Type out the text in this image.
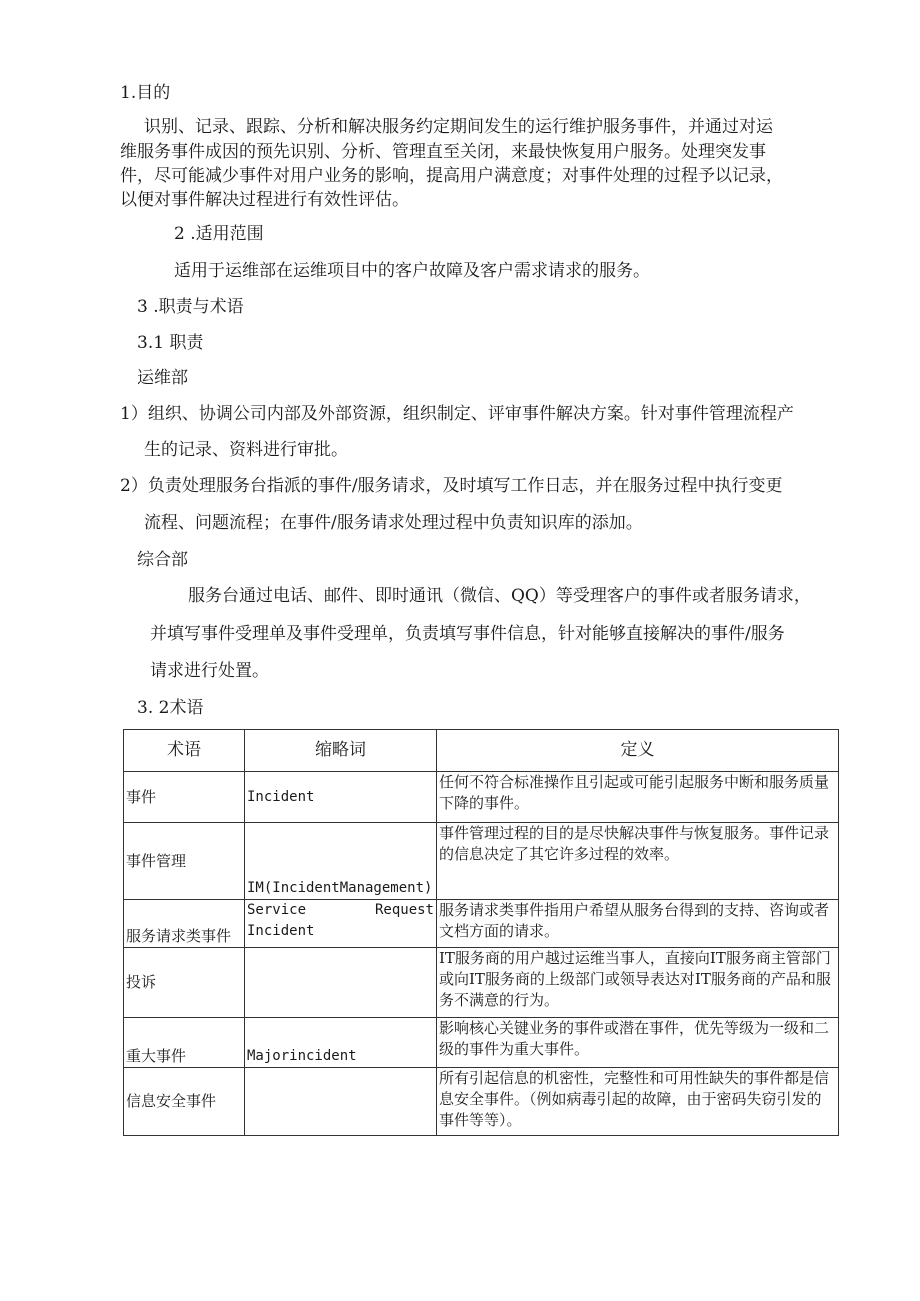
1.目的
识别、记录、跟踪、分析和解决服务约定期间发生的运行维护服务事件，并通过对运
维服务事件成因的预先识别、分析、管理直至关闭，来最快恢复用户服务。处理突发事
件，尽可能减少事件对用户业务的影响，提高用户满意度；对事件处理的过程予以记录，
以便对事件解决过程进行有效性评估。
2 .适用范围
适用于运维部在运维项目中的客户故障及客户需求请求的服务。
3 .职责与术语
3.1 职责
运维部
1）组织、协调公司内部及外部资源，组织制定、评审事件解决方案。针对事件管理流程产
生的记录、资料进行审批。
2）负责处理服务台指派的事件/服务请求，及时填写工作日志，并在服务过程中执行变更
流程、问题流程；在事件/服务请求处理过程中负责知识库的添加。
综合部
服务台通过电话、邮件、即时通讯（微信、QQ）等受理客户的事件或者服务请求，
并填写事件受理单及事件受理单，负责填写事件信息，针对能够直接解决的事件/服务
请求进行处置。
3. 2术语
术语	缩略词	定义
事件	Incident	任何不符合标准操作且引起或可能引起服务中断和服务质量下降的事件。
事件管理	IM(IncidentManagement)	事件管理过程的目的是尽快解决事件与恢复服务。事件记录的信息决定了其它许多过程的效率。
服务请求类事件	Service Request
Incident	服务请求类事件指用户希望从服务台得到的支持、咨询或者文档方面的请求。
投诉		IT服务商的用户越过运维当事人，直接向IT服务商主管部门或向IT服务商的上级部门或领导表达对IT服务商的产品和服务不满意的行为。
重大事件	Majorincident	影响核心关键业务的事件或潜在事件，优先等级为一级和二级的事件为重大事件。
信息安全事件		所有引起信息的机密性，完整性和可用性缺失的事件都是信息安全事件。（例如病毒引起的故障，由于密码失窃引发的事件等等）。
